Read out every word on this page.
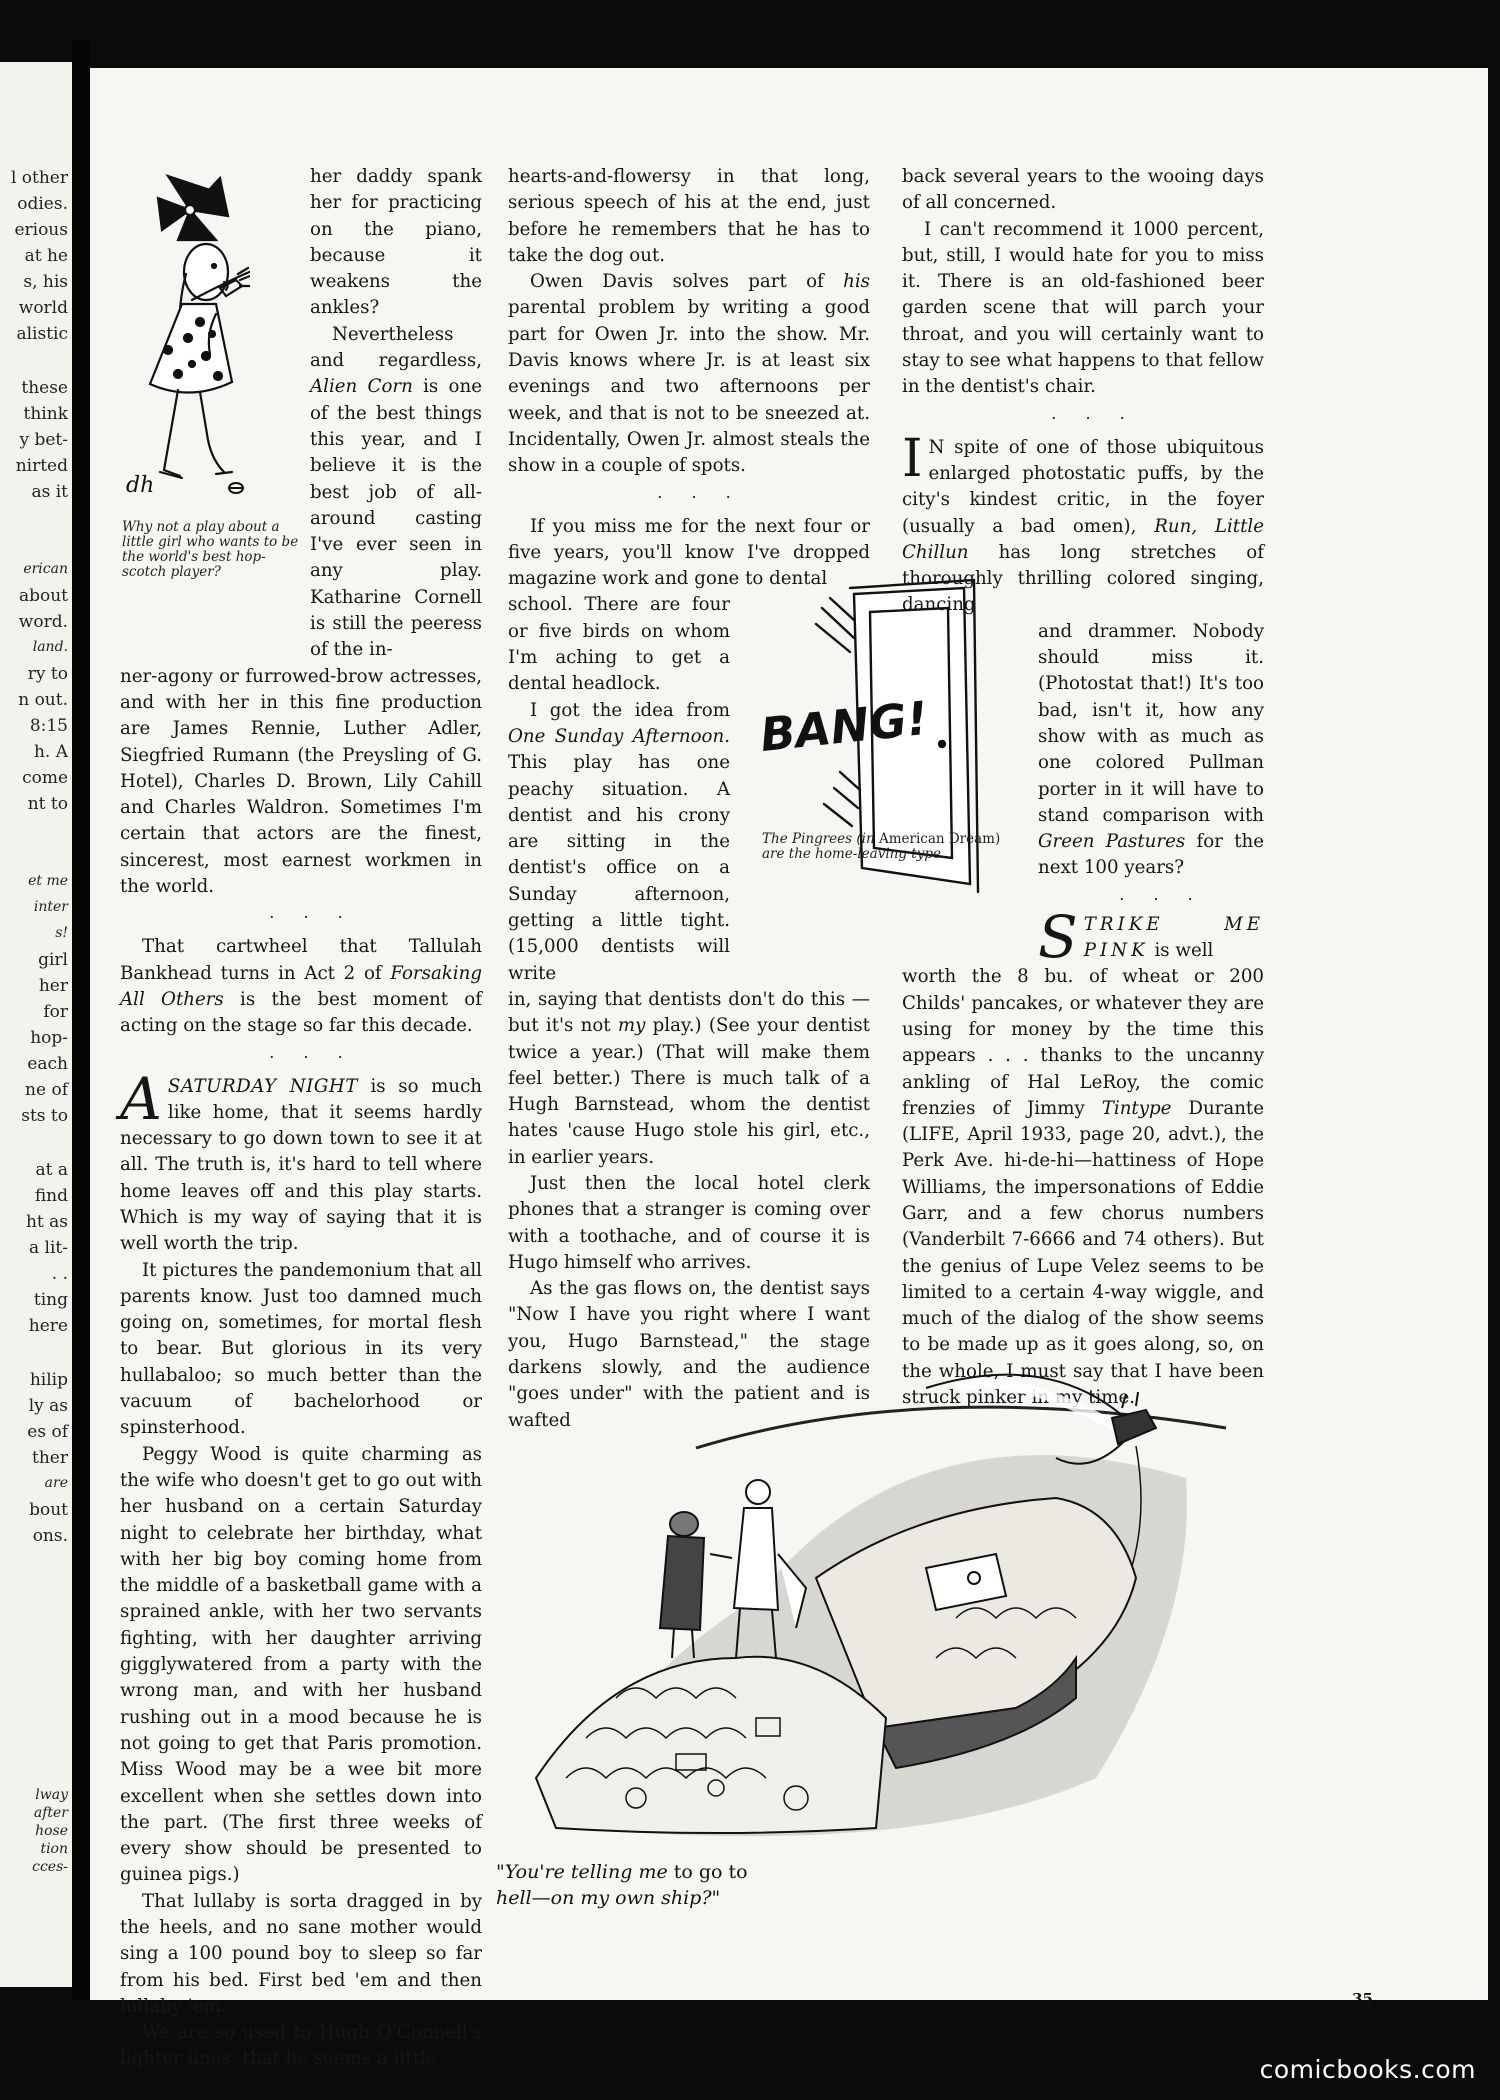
l other
odies.
erious
at he
s, his
world
alistic
these
think
y bet-
nirted
as it
erican
about
word.
land.
ry to
n out.
8:15
h. A
come
nt to
et me
inter
s!
girl
her
for
hop-
each
ne of
sts to
at a
find
ht as
a lit-
. .
ting
here
hilip
ly as
es of
ther
are
bout
ons.
lway
after
hose
tion
cces-
dh
Why not a play about a little girl who wants to be the world's best hop-scotch player?

her daddy spank her for practicing on the piano, because it weakens the ankles?

Nevertheless and regardless, Alien Corn is one of the best things this year, and I believe it is the best job of all-around casting I've ever seen in any play. Katharine Cornell is still the peeress of the in-

ner-agony or furrowed-brow actresses, and with her in this fine production are James Rennie, Luther Adler, Siegfried Rumann (the Preysling of G. Hotel), Charles D. Brown, Lily Cahill and Charles Waldron. Sometimes I'm certain that actors are the finest, sincerest, most earnest workmen in the world.

. . .

That cartwheel that Tallulah Bankhead turns in Act 2 of Forsaking All Others is the best moment of acting on the stage so far this decade.

. . .

ASATURDAY NIGHT is so much like home, that it seems hardly necessary to go down town to see it at all. The truth is, it's hard to tell where home leaves off and this play starts. Which is my way of saying that it is well worth the trip.

It pictures the pandemonium that all parents know. Just too damned much going on, sometimes, for mortal flesh to bear. But glorious in its very hullabaloo; so much better than the vacuum of bachelorhood or spinsterhood.

Peggy Wood is quite charming as the wife who doesn't get to go out with her husband on a certain Saturday night to celebrate her birthday, what with her big boy coming home from the middle of a basketball game with a sprained ankle, with her two servants fighting, with her daughter arriving gigglywatered from a party with the wrong man, and with her husband rushing out in a mood because he is not going to get that Paris promotion. Miss Wood may be a wee bit more excellent when she settles down into the part. (The first three weeks of every show should be presented to guinea pigs.)

That lullaby is sorta dragged in by the heels, and no sane mother would sing a 100 pound boy to sleep so far from his bed. First bed 'em and then lullaby 'em.

We are so used to Hugh O'Connell's lighter lines, that he seems a little

hearts-and-flowersy in that long, serious speech of his at the end, just before he remembers that he has to take the dog out.

Owen Davis solves part of his parental problem by writing a good part for Owen Jr. into the show. Mr. Davis knows where Jr. is at least six evenings and two afternoons per week, and that is not to be sneezed at. Incidentally, Owen Jr. almost steals the show in a couple of spots.

. . .

If you miss me for the next four or five years, you'll know I've dropped magazine work and gone to dental

school. There are four or five birds on whom I'm aching to get a dental headlock.

I got the idea from One Sunday Afternoon. This play has one peachy situation. A dentist and his crony are sitting in the dentist's office on a Sunday afternoon, getting a little tight. (15,000 dentists will write

in, saying that dentists don't do this —but it's not my play.) (See your dentist twice a year.) (That will make them feel better.) There is much talk of a Hugh Barnstead, whom the dentist hates 'cause Hugo stole his girl, etc., in earlier years.

Just then the local hotel clerk phones that a stranger is coming over with a toothache, and of course it is Hugo himself who arrives.

As the gas flows on, the dentist says "Now I have you right where I want you, Hugo Barnstead," the stage darkens slowly, and the audience "goes under" with the patient and is wafted

BANG!
The Pingrees (in American Dream) are the home-leaving type.

back several years to the wooing days of all concerned.

I can't recommend it 1000 percent, but, still, I would hate for you to miss it. There is an old-fashioned beer garden scene that will parch your throat, and you will certainly want to stay to see what happens to that fellow in the dentist's chair.

. . .

I N spite of one of those ubiquitous enlarged photostatic puffs, by the city's kindest critic, in the foyer (usually a bad omen), Run, Little Chillun has long stretches of thoroughly thrilling colored singing, dancing

and drammer. Nobody should miss it. (Photostat that!) It's too bad, isn't it, how any show with as much as one colored Pullman porter in it will have to stand comparison with Green Pastures for the next 100 years?

. . .

STRIKE ME PINK is well

worth the 8 bu. of wheat or 200 Childs' pancakes, or whatever they are using for money by the time this appears . . . thanks to the uncanny ankling of Hal LeRoy, the comic frenzies of Jimmy Tintype Durante (LIFE, April 1933, page 20, advt.), the Perk Ave. hi-de-hi—hattiness of Hope Williams, the impersonations of Eddie Garr, and a few chorus numbers (Vanderbilt 7-6666 and 74 others). But the genius of Lupe Velez seems to be limited to a certain 4-way wiggle, and much of the dialog of the show seems to be made up as it goes along, so, on the whole, I must say that I have been struck pinker in my time.

"You're telling me to go to
hell—on my own ship?"
35
comicbooks.com
